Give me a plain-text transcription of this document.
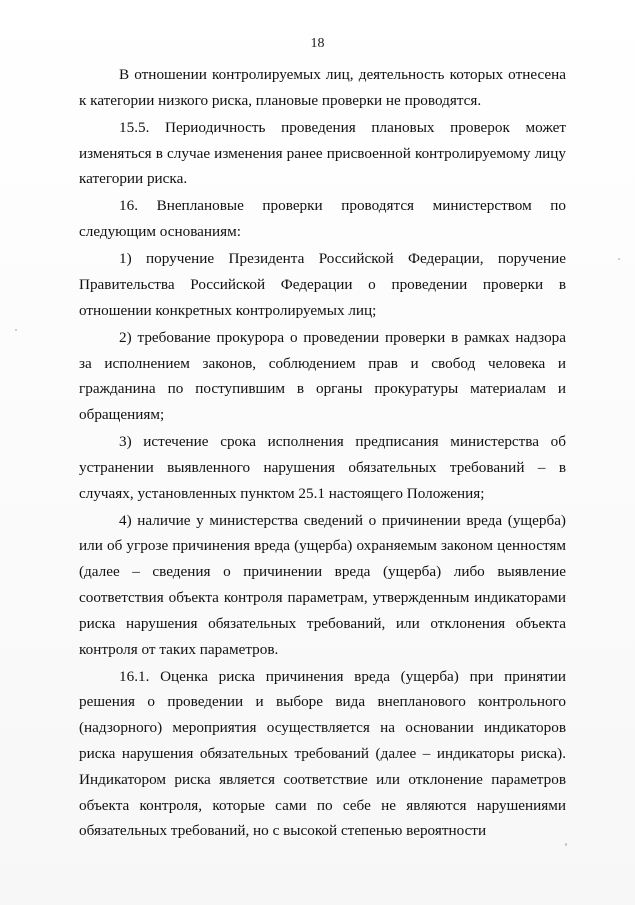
18

В отношении контролируемых лиц, деятельность которых отнесена к категории низкого риска, плановые проверки не проводятся.

15.5. Периодичность проведения плановых проверок может изменяться в случае изменения ранее присвоенной контролируемому лицу категории риска.

16. Внеплановые проверки проводятся министерством по следующим основаниям:

1) поручение Президента Российской Федерации, поручение Правительства Российской Федерации о проведении проверки в отношении конкретных контролируемых лиц;

2) требование прокурора о проведении проверки в рамках надзора за исполнением законов, соблюдением прав и свобод человека и гражданина по поступившим в органы прокуратуры материалам и обращениям;

3) истечение срока исполнения предписания министерства об устранении выявленного нарушения обязательных требований – в случаях, установленных пунктом 25.1 настоящего Положения;

4) наличие у министерства сведений о причинении вреда (ущерба) или об угрозе причинения вреда (ущерба) охраняемым законом ценностям (далее – сведения о причинении вреда (ущерба) либо выявление соответствия объекта контроля параметрам, утвержденным индикаторами риска нарушения обязательных требований, или отклонения объекта контроля от таких параметров.

16.1. Оценка риска причинения вреда (ущерба) при принятии решения о проведении и выборе вида внепланового контрольного (надзорного) мероприятия осуществляется на основании индикаторов риска нарушения обязательных требований (далее – индикаторы риска). Индикатором риска является соответствие или отклонение параметров объекта контроля, которые сами по себе не являются нарушениями обязательных требований, но с высокой степенью вероятности
